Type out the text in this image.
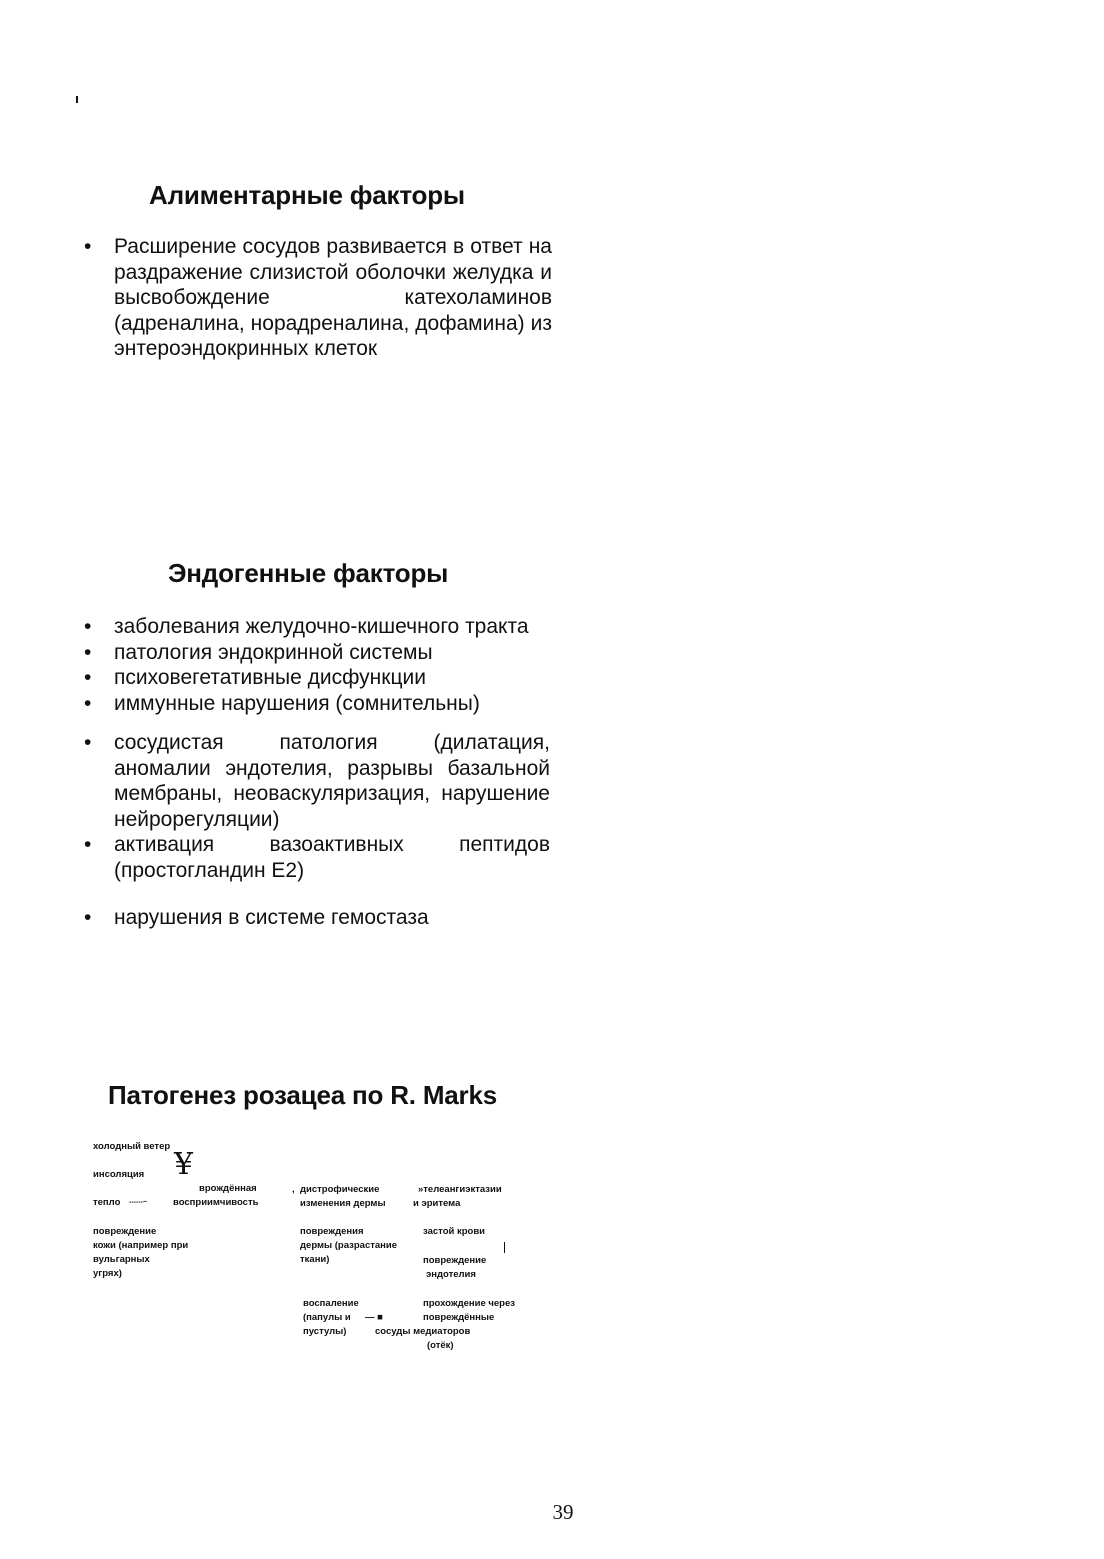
Алиментарные факторы
•	Расширение сосудов развивается в ответ на раздражение слизистой оболочки желудка и высвобождение катехоламинов (адреналина, норадреналина, дофамина) из энтероэндокринных клеток
Эндогенные факторы
•	заболевания желудочно-кишечного тракта
•	патология эндокринной системы
•	психовегетативные дисфункции
•	иммунные нарушения (сомнительны)
•	сосудистая патология (дилатация, аномалии эндотелия, разрывы базальной мембраны, неоваскуляризация, нарушение нейрорегуляции)
•	активация вазоактивных пептидов (простогландин E2)
•	нарушения в системе гемостаза
Патогенез розацеа по R. Marks
холодный ветер
инсоляция ¥
врождённая
тепло ------~	восприимчивость
, дистрофические
изменения дермы
»телеангиэктазии
и эритема
повреждение
кожи (например при
вульгарных
угрях)
повреждения
дермы (разрастание
ткани)
застой крови
повреждение
эндотелия
воспаление
(папулы и — ■
пустулы)	сосуды медиаторов
прохождение через
повреждённые
(отёк)
39
